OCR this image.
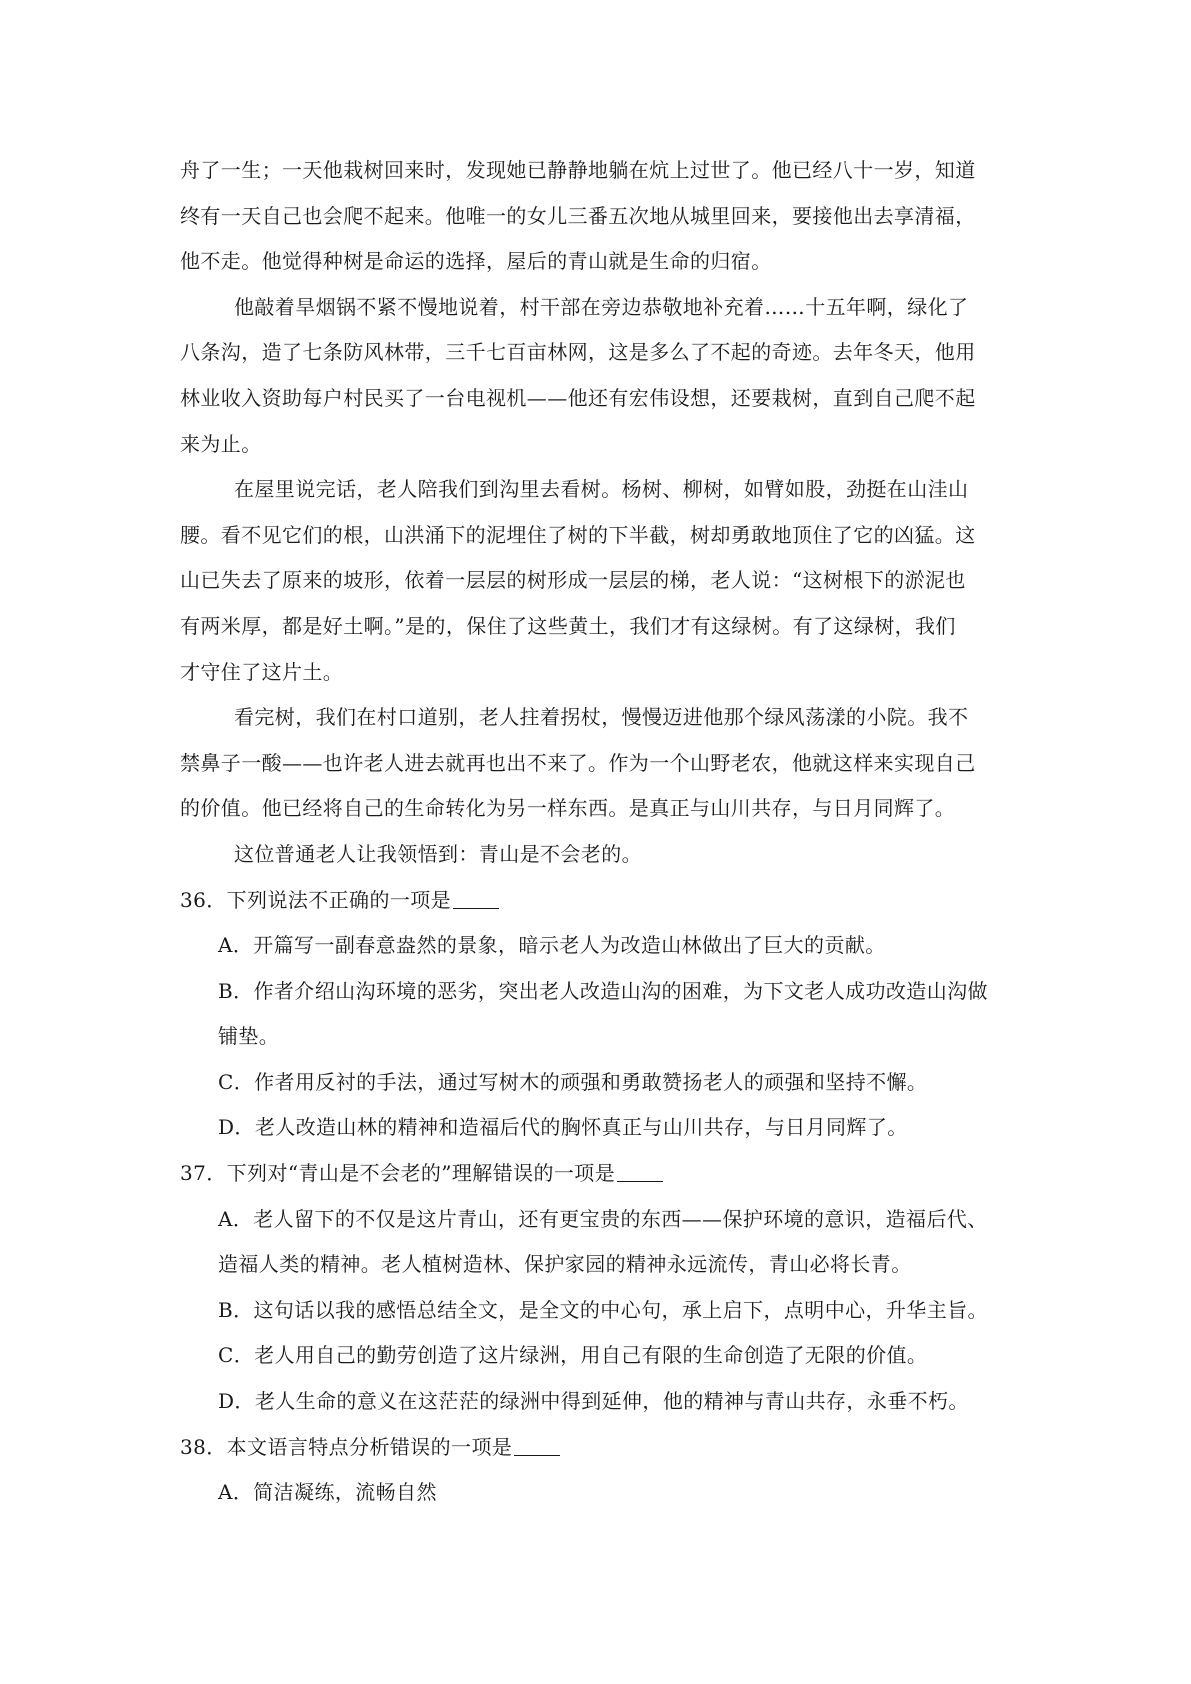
舟了一生；一天他栽树回来时，发现她已静静地躺在炕上过世了。他已经八十一岁，知道
终有一天自己也会爬不起来。他唯一的女儿三番五次地从城里回来，要接他出去享清福，
他不走。他觉得种树是命运的选择，屋后的青山就是生命的归宿。
他敲着旱烟锅不紧不慢地说着，村干部在旁边恭敬地补充着……十五年啊，绿化了
八条沟，造了七条防风林带，三千七百亩林网，这是多么了不起的奇迹。去年冬天，他用
林业收入资助每户村民买了一台电视机——他还有宏伟设想，还要栽树，直到自己爬不起
来为止。
在屋里说完话，老人陪我们到沟里去看树。杨树、柳树，如臂如股，劲挺在山洼山
腰。看不见它们的根，山洪涌下的泥埋住了树的下半截，树却勇敢地顶住了它的凶猛。这
山已失去了原来的坡形，依着一层层的树形成一层层的梯，老人说：“这树根下的淤泥也
有两米厚，都是好土啊。”是的，保住了这些黄土，我们才有这绿树。有了这绿树，我们
才守住了这片土。
看完树，我们在村口道别，老人拄着拐杖，慢慢迈进他那个绿风荡漾的小院。我不
禁鼻子一酸——也许老人进去就再也出不来了。作为一个山野老农，他就这样来实现自己
的价值。他已经将自己的生命转化为另一样东西。是真正与山川共存，与日月同辉了。
这位普通老人让我领悟到：青山是不会老的。
36．下列说法不正确的一项是
A．开篇写一副春意盎然的景象，暗示老人为改造山林做出了巨大的贡献。
B．作者介绍山沟环境的恶劣，突出老人改造山沟的困难，为下文老人成功改造山沟做
铺垫。
C．作者用反衬的手法，通过写树木的顽强和勇敢赞扬老人的顽强和坚持不懈。
D．老人改造山林的精神和造福后代的胸怀真正与山川共存，与日月同辉了。
37．下列对“青山是不会老的”理解错误的一项是
A．老人留下的不仅是这片青山，还有更宝贵的东西——保护环境的意识，造福后代、
造福人类的精神。老人植树造林、保护家园的精神永远流传，青山必将长青。
B．这句话以我的感悟总结全文，是全文的中心句，承上启下，点明中心，升华主旨。
C．老人用自己的勤劳创造了这片绿洲，用自己有限的生命创造了无限的价值。
D．老人生命的意义在这茫茫的绿洲中得到延伸，他的精神与青山共存，永垂不朽。
38．本文语言特点分析错误的一项是
A．简洁凝练，流畅自然
